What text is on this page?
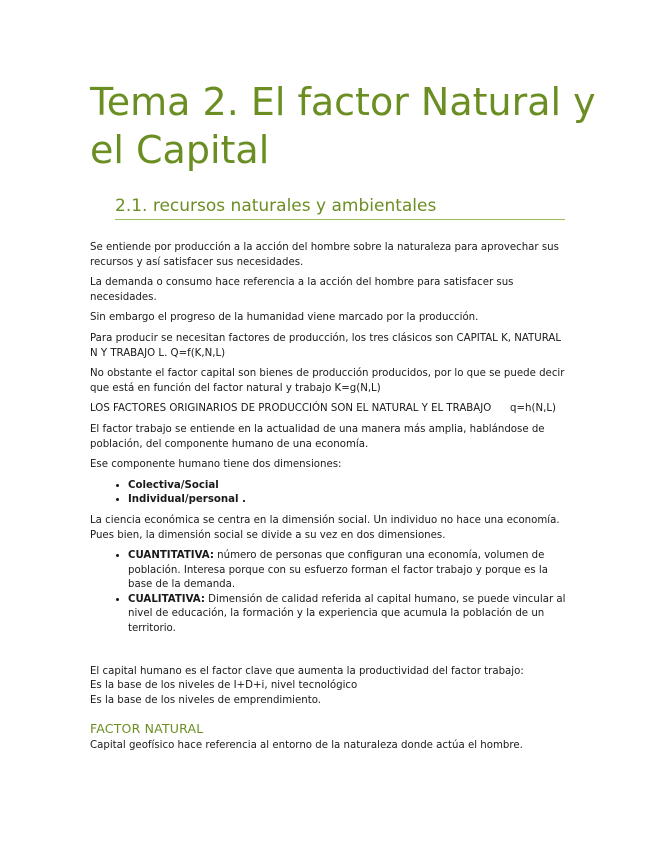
Tema 2. El factor Natural y el Capital
2.1. recursos naturales y ambientales

Se entiende por producción a la acción del hombre sobre la naturaleza para aprovechar sus recursos y así satisfacer sus necesidades.

La demanda o consumo hace referencia a la acción del hombre para satisfacer sus necesidades.

Sin embargo el progreso de la humanidad viene marcado por la producción.

Para producir se necesitan factores de producción, los tres clásicos son CAPITAL K, NATURAL N Y TRABAJO L. Q=f(K,N,L)

No obstante el factor capital son bienes de producción producidos, por lo que se puede decir que está en función del factor natural y trabajo K=g(N,L)

LOS FACTORES ORIGINARIOS DE PRODUCCIÓN SON EL NATURAL Y EL TRABAJO q=h(N,L)

El factor trabajo se entiende en la actualidad de una manera más amplia, hablándose de población, del componente humano de una economía.

Ese componente humano tiene dos dimensiones:

• Colectiva/Social
• Individual/personal .

La ciencia económica se centra en la dimensión social. Un individuo no hace una economía. Pues bien, la dimensión social se divide a su vez en dos dimensiones.

• CUANTITATIVA: número de personas que configuran una economía, volumen de población. Interesa porque con su esfuerzo forman el factor trabajo y porque es la base de la demanda.
• CUALITATIVA: Dimensión de calidad referida al capital humano, se puede vincular al nivel de educación, la formación y la experiencia que acumula la población de un territorio.

El capital humano es el factor clave que aumenta la productividad del factor trabajo:

Es la base de los niveles de I+D+i, nivel tecnológico

Es la base de los niveles de emprendimiento.

FACTOR NATURAL

Capital geofísico hace referencia al entorno de la naturaleza donde actúa el hombre.
